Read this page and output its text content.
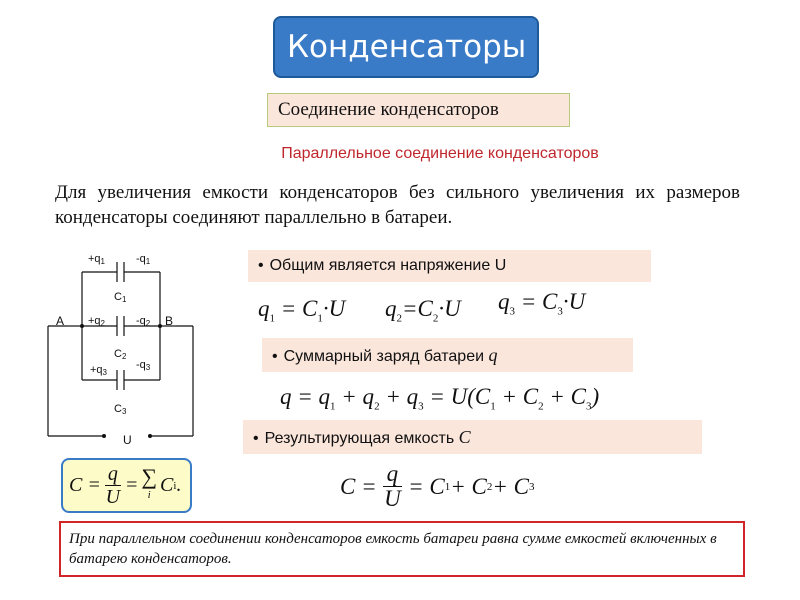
Конденсаторы
Соединение конденсаторов
Параллельное соединение конденсаторов
Для увеличения емкости конденсаторов без сильного увеличения их размеров конденсаторы соединяют параллельно в батареи.
+q1	-q1
C1
+q2	-q2
C2
+q3
-q3
C3
A	B
U
• Общим является напряжение U
$q_1 = C_1\cdot U$ $q_2=C_2\cdot U$ $q_3 = C_3\cdot U$
• Суммарный заряд батареи q
$q = q_1 + q_2 + q_3 = U(C_1 + C_2 + C_3)$
• Результирующая емкость C
$C = \frac{q}{U} = C$ 1 + C 2 + C 3
$C = \frac{q}{U}$ = ∑
i C i .
При параллельном соединении конденсаторов емкость батареи равна сумме емкостей включенных в батарею конденсаторов.
